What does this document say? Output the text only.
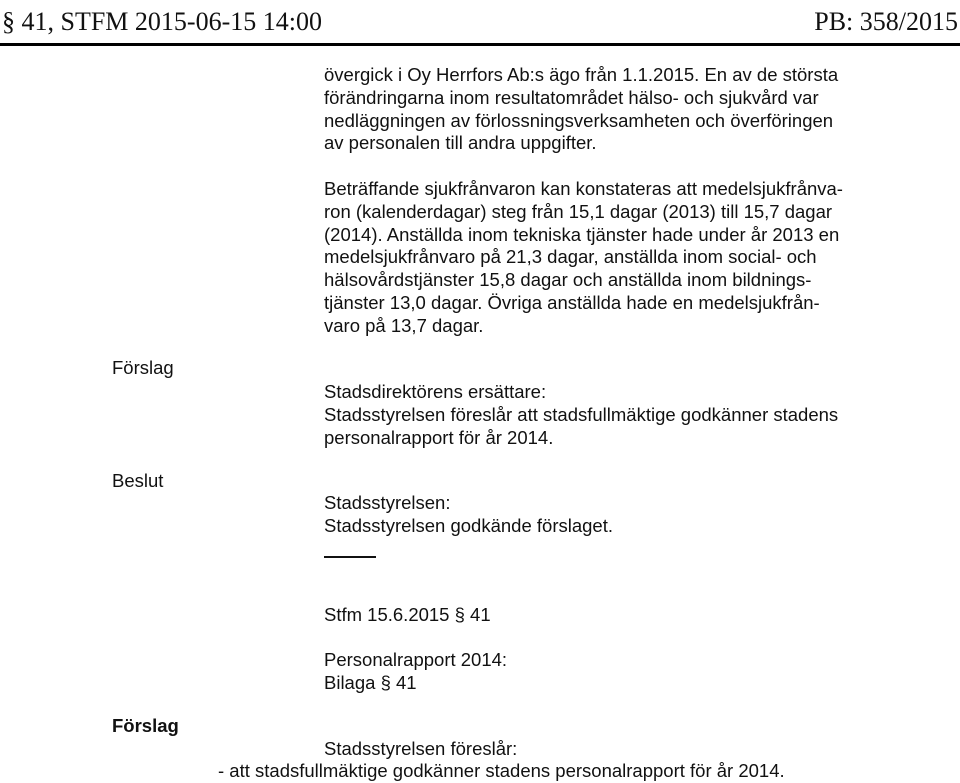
§ 41, STFM 2015-06-15 14:00	PB: 358/2015
övergick i Oy Herrfors Ab:s ägo från 1.1.2015. En av de största
förändringarna inom resultatområdet hälso- och sjukvård var
nedläggningen av förlossningsverksamheten och överföringen
av personalen till andra uppgifter.
Beträffande sjukfrånvaron kan konstateras att medelsjukfrånva-
ron (kalenderdagar) steg från 15,1 dagar (2013) till 15,7 dagar
(2014). Anställda inom tekniska tjänster hade under år 2013 en
medelsjukfrånvaro på 21,3 dagar, anställda inom social- och
hälsovårdstjänster 15,8 dagar och anställda inom bildnings-
tjänster 13,0 dagar. Övriga anställda hade en medelsjukfrån-
varo på 13,7 dagar.
Förslag
Stadsdirektörens ersättare:
Stadsstyrelsen föreslår att stadsfullmäktige godkänner stadens
personalrapport för år 2014.
Beslut
Stadsstyrelsen:
Stadsstyrelsen godkände förslaget.
Stfm 15.6.2015 § 41
Personalrapport 2014:
Bilaga § 41
Förslag
Stadsstyrelsen föreslår:
- att stadsfullmäktige godkänner stadens personalrapport för år 2014.
